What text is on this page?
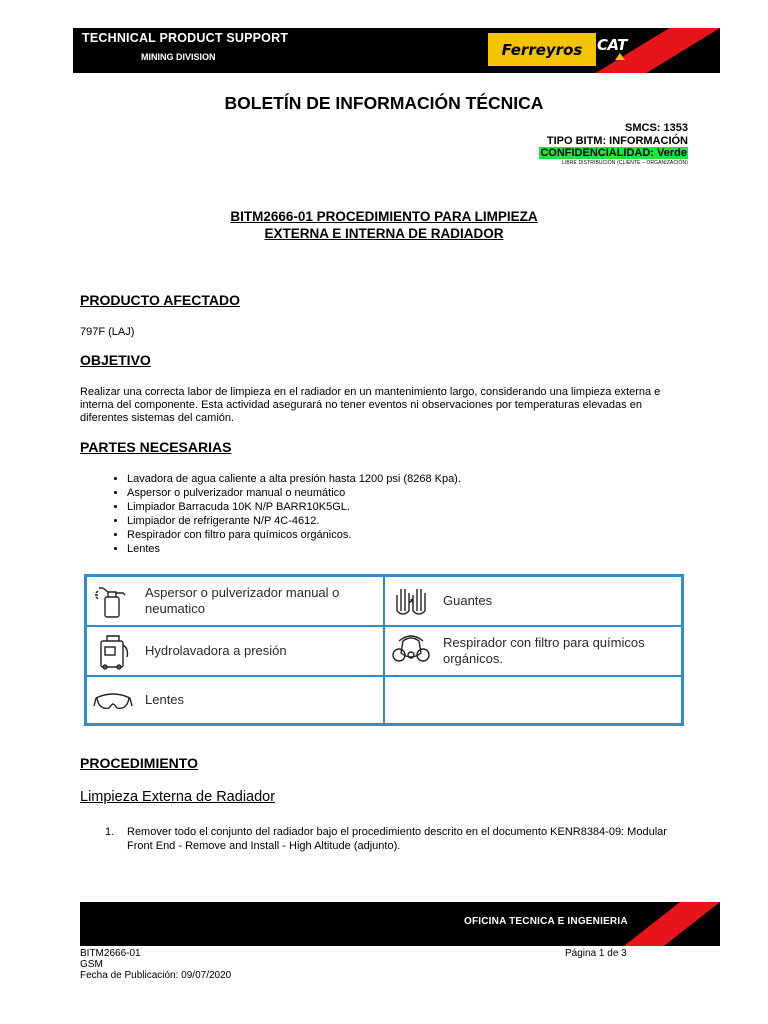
TECHNICAL PRODUCT SUPPORT
MINING DIVISION	Ferreyros CAT
BOLETÍN DE INFORMACIÓN TÉCNICA
SMCS: 1353
TIPO BITM: INFORMACIÓN
CONFIDENCIALIDAD: Verde
LIBRE DISTRIBUCIÓN (CLIENTE – ORGANIZACIÓN)
BITM2666-01 PROCEDIMIENTO PARA LIMPIEZA
EXTERNA E INTERNA DE RADIADOR
PRODUCTO AFECTADO
797F (LAJ)
OBJETIVO
Realizar una correcta labor de limpieza en el radiador en un mantenimiento largo, considerando una limpieza externa e interna del componente. Esta actividad asegurará no tener eventos ni observaciones por temperaturas elevadas en diferentes sistemas del camión.
PARTES NECESARIAS
• Lavadora de agua caliente a alta presión hasta 1200 psi (8268 Kpa).
• Aspersor o pulverizador manual o neumático
• Limpiador Barracuda 10K N/P BARR10K5GL.
• Limpiador de refrigerante N/P 4C-4612.
• Respirador con filtro para químicos orgánicos.
• Lentes
Aspersor o pulverizador manual o neumatico
Guantes
Hydrolavadora a presión
Respirador con filtro para químicos orgánicos.
Lentes
PROCEDIMIENTO
Limpieza Externa de Radiador
1.	Remover todo el conjunto del radiador bajo el procedimiento descrito en el documento KENR8384-09: Modular Front End - Remove and Install - High Altitude (adjunto).
OFICINA TECNICA E INGENIERIA
BITM2666-01
GSM
Fecha de Publicación: 09/07/2020
Página 1 de 3
